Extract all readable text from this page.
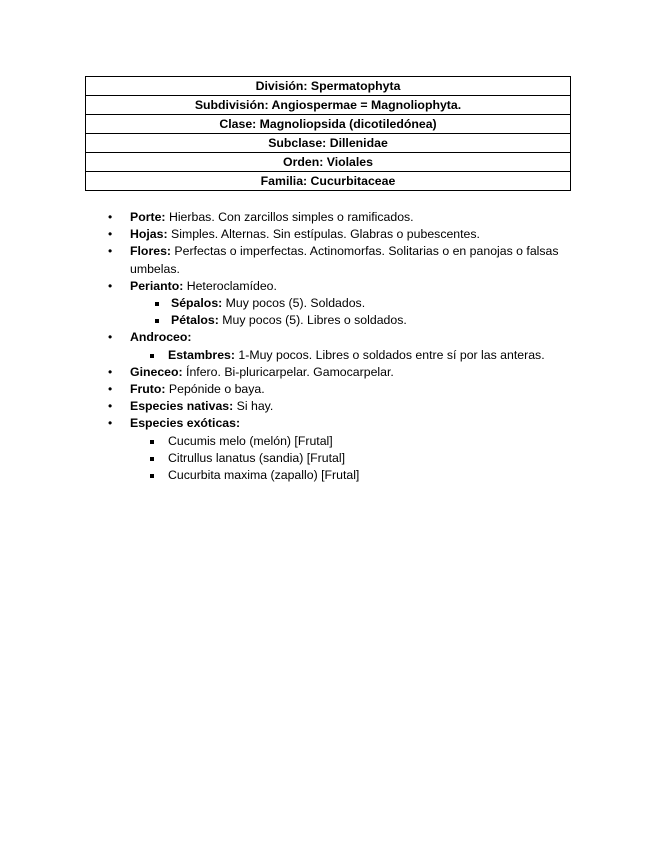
División: Spermatophyta
Subdivisión: Angiospermae = Magnoliophyta.
Clase: Magnoliopsida (dicotiledónea)
Subclase: Dillenidae
Orden: Violales
Familia: Cucurbitaceae
•	Porte: Hierbas. Con zarcillos simples o ramificados.
•	Hojas: Simples. Alternas. Sin estípulas. Glabras o pubescentes.
•	Flores: Perfectas o imperfectas. Actinomorfas. Solitarias o en panojas o falsas umbelas.
•	Perianto: Heteroclamídeo.
Sépalos: Muy pocos (5). Soldados.
Pétalos: Muy pocos (5). Libres o soldados.
•	Androceo:
Estambres: 1-Muy pocos. Libres o soldados entre sí por las anteras.
•	Gineceo: Ínfero. Bi-pluricarpelar. Gamocarpelar.
•	Fruto: Pepónide o baya.
•	Especies nativas: Si hay.
•	Especies exóticas:
Cucumis melo (melón) [Frutal]
Citrullus lanatus (sandia) [Frutal]
Cucurbita maxima (zapallo) [Frutal]
